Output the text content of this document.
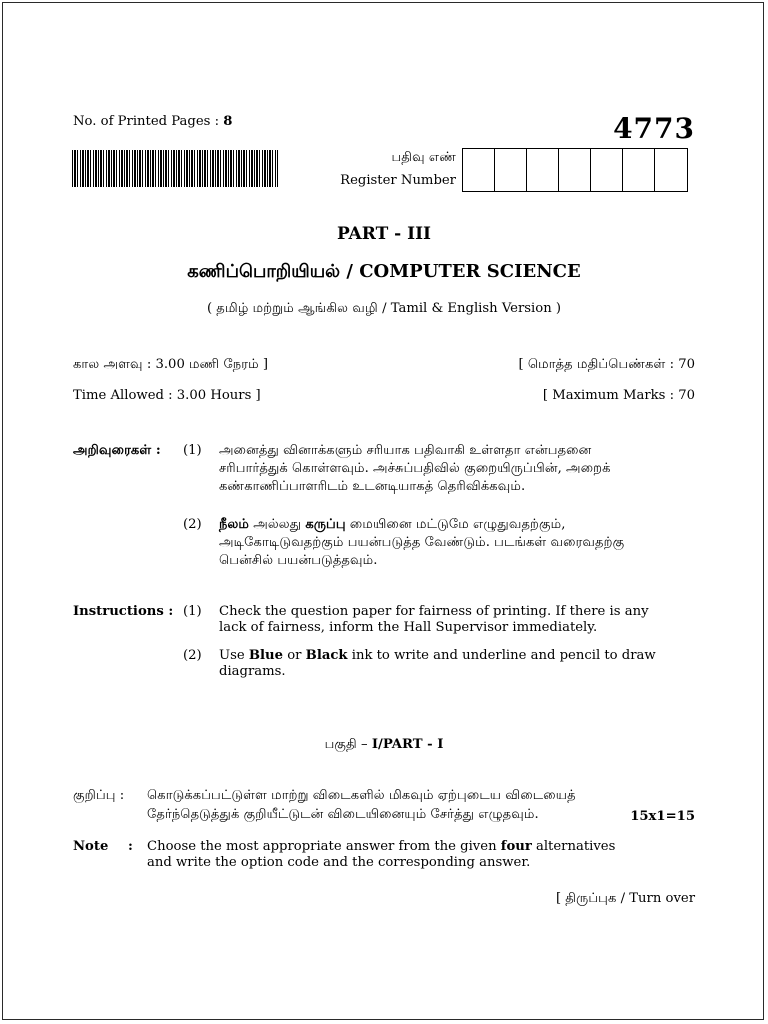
No. of Printed Pages : 8	4773
பதிவு எண்
Register Number
PART - III
கணிப்பொறியியல் / COMPUTER SCIENCE
( தமிழ் மற்றும் ஆங்கில வழி / Tamil & English Version )
கால அளவு : 3.00 மணி நேரம் ]	[ மொத்த மதிப்பெண்கள் : 70
Time Allowed : 3.00 Hours ]	[ Maximum Marks : 70
அறிவுரைகள் : (1) அனைத்து வினாக்களும் சரியாக பதிவாகி உள்ளதா என்பதனை
சரிபார்த்துக் கொள்ளவும். அச்சுப்பதிவில் குறையிருப்பின், அறைக்
கண்காணிப்பாளரிடம் உடனடியாகத் தெரிவிக்கவும்.
(2) நீலம் அல்லது கருப்பு மையினை மட்டுமே எழுதுவதற்கும்,
அடிகோடிடுவதற்கும் பயன்படுத்த வேண்டும். படங்கள் வரைவதற்கு
பென்சில் பயன்படுத்தவும்.
Instructions : (1) Check the question paper for fairness of printing. If there is any
lack of fairness, inform the Hall Supervisor immediately.
(2) Use Blue or Black ink to write and underline and pencil to draw
diagrams.
பகுதி – I/PART - I
குறிப்பு : கொடுக்கப்பட்டுள்ள மாற்று விடைகளில் மிகவும் ஏற்புடைய விடையைத்
தேர்ந்தெடுத்துக் குறியீட்டுடன் விடையினையும் சேர்த்து எழுதவும்.	15x1=15
Note : Choose the most appropriate answer from the given four alternatives
and write the option code and the corresponding answer.
[ திருப்புக / Turn over
